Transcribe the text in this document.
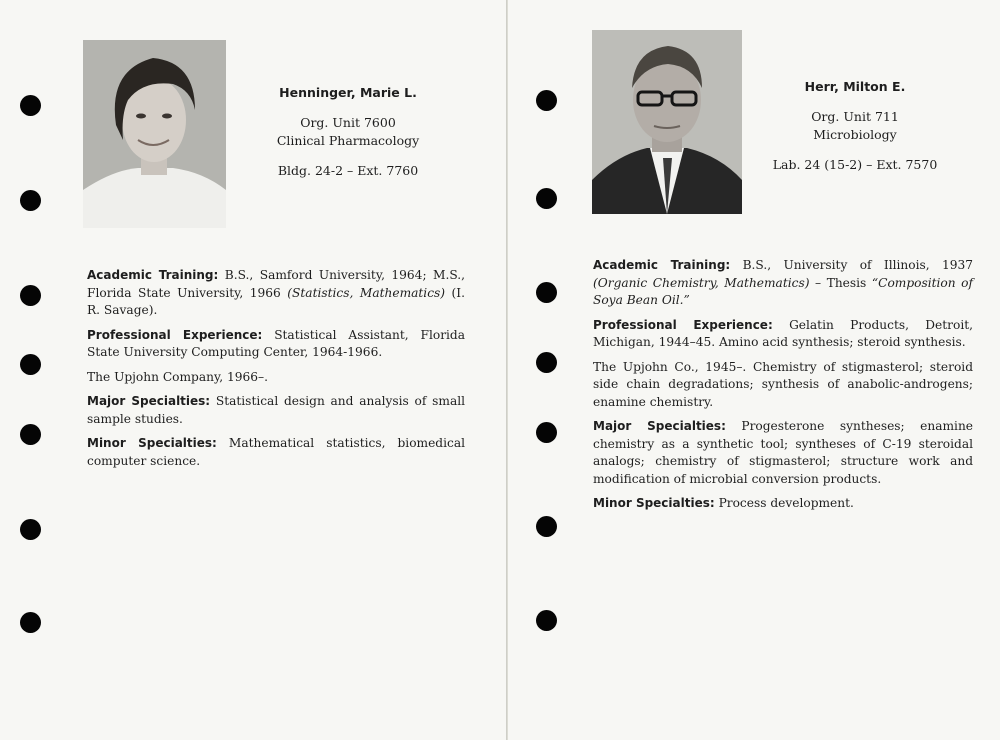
Henninger, Marie L.
Org. Unit 7600
Clinical Pharmacology
Bldg. 24-2 – Ext. 7760

Academic Training: B.S., Samford University, 1964; M.S., Florida State University, 1966 (Statistics, Mathematics) (I. R. Savage).

Professional Experience: Statistical Assistant, Florida State University Computing Center, 1964-1966.

The Upjohn Company, 1966–.

Major Specialties: Statistical design and analysis of small sample studies.

Minor Specialties: Mathematical statistics, biomedical computer science.

Herr, Milton E.
Org. Unit 711
Microbiology
Lab. 24 (15-2) – Ext. 7570

Academic Training: B.S., University of Illinois, 1937 (Organic Chemistry, Mathematics) – Thesis “Composition of Soya Bean Oil.”

Professional Experience: Gelatin Products, Detroit, Michigan, 1944–45. Amino acid synthesis; steroid synthesis.

The Upjohn Co., 1945–. Chemistry of stigmasterol; steroid side chain degradations; synthesis of anabolic-androgens; enamine chemistry.

Major Specialties: Progesterone syntheses; enamine chemistry as a synthetic tool; syntheses of C-19 steroidal analogs; chemistry of stigmasterol; structure work and modification of microbial conversion products.

Minor Specialties: Process development.
